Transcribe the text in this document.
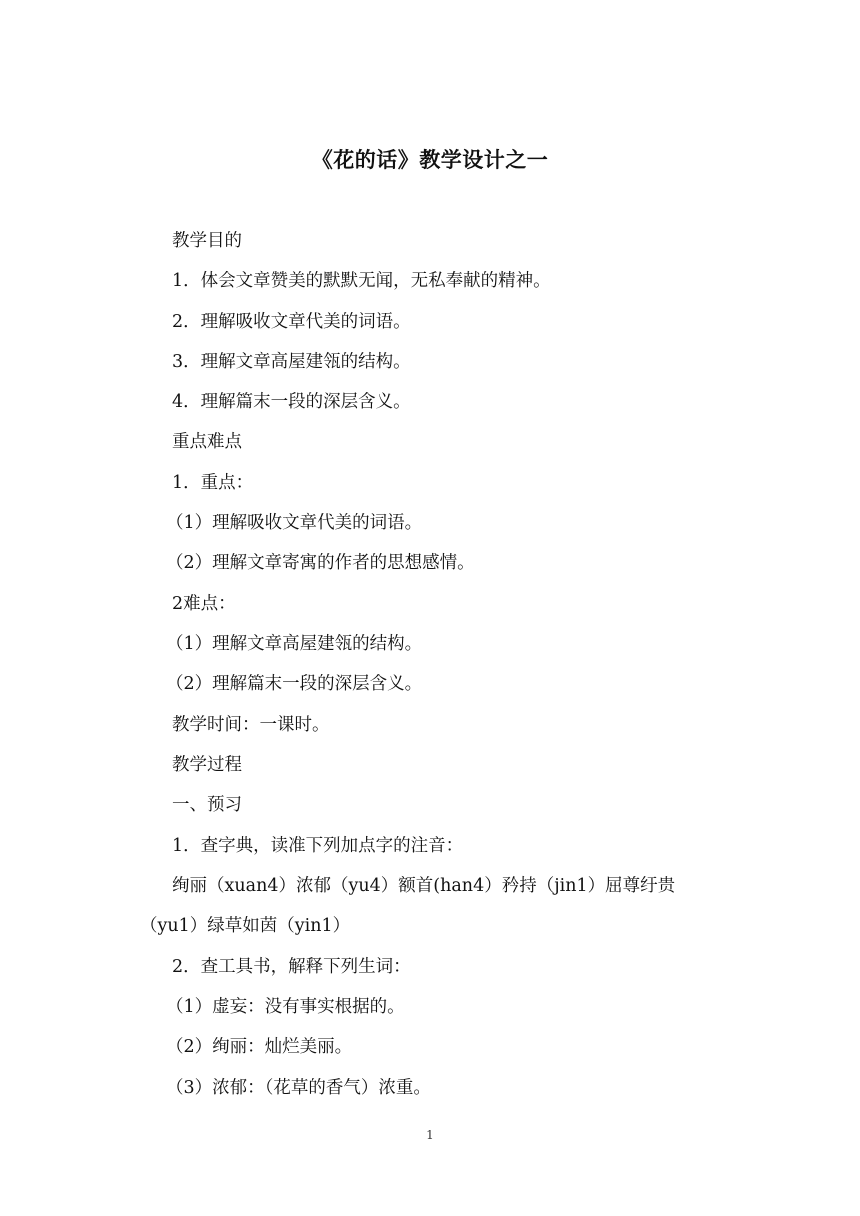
《花的话》教学设计之一
教学目的
1．体会文章赞美的默默无闻，无私奉献的精神。
2．理解吸收文章代美的词语。
3．理解文章高屋建瓴的结构。
4．理解篇末一段的深层含义。
重点难点
1．重点：
（1）理解吸收文章代美的词语。
（2）理解文章寄寓的作者的思想感情。
2难点：
（1）理解文章高屋建瓴的结构。
（2）理解篇末一段的深层含义。
教学时间：一课时。
教学过程
一、预习
1．查字典，读准下列加点字的注音：
绚丽（xuan4）浓郁（yu4）额首(han4）矜持（jin1）屈尊纡贵
（yu1）绿草如茵（yin1）
2．查工具书，解释下列生词：
（1）虚妄：没有事实根据的。
（2）绚丽：灿烂美丽。
（3）浓郁：（花草的香气）浓重。
1
